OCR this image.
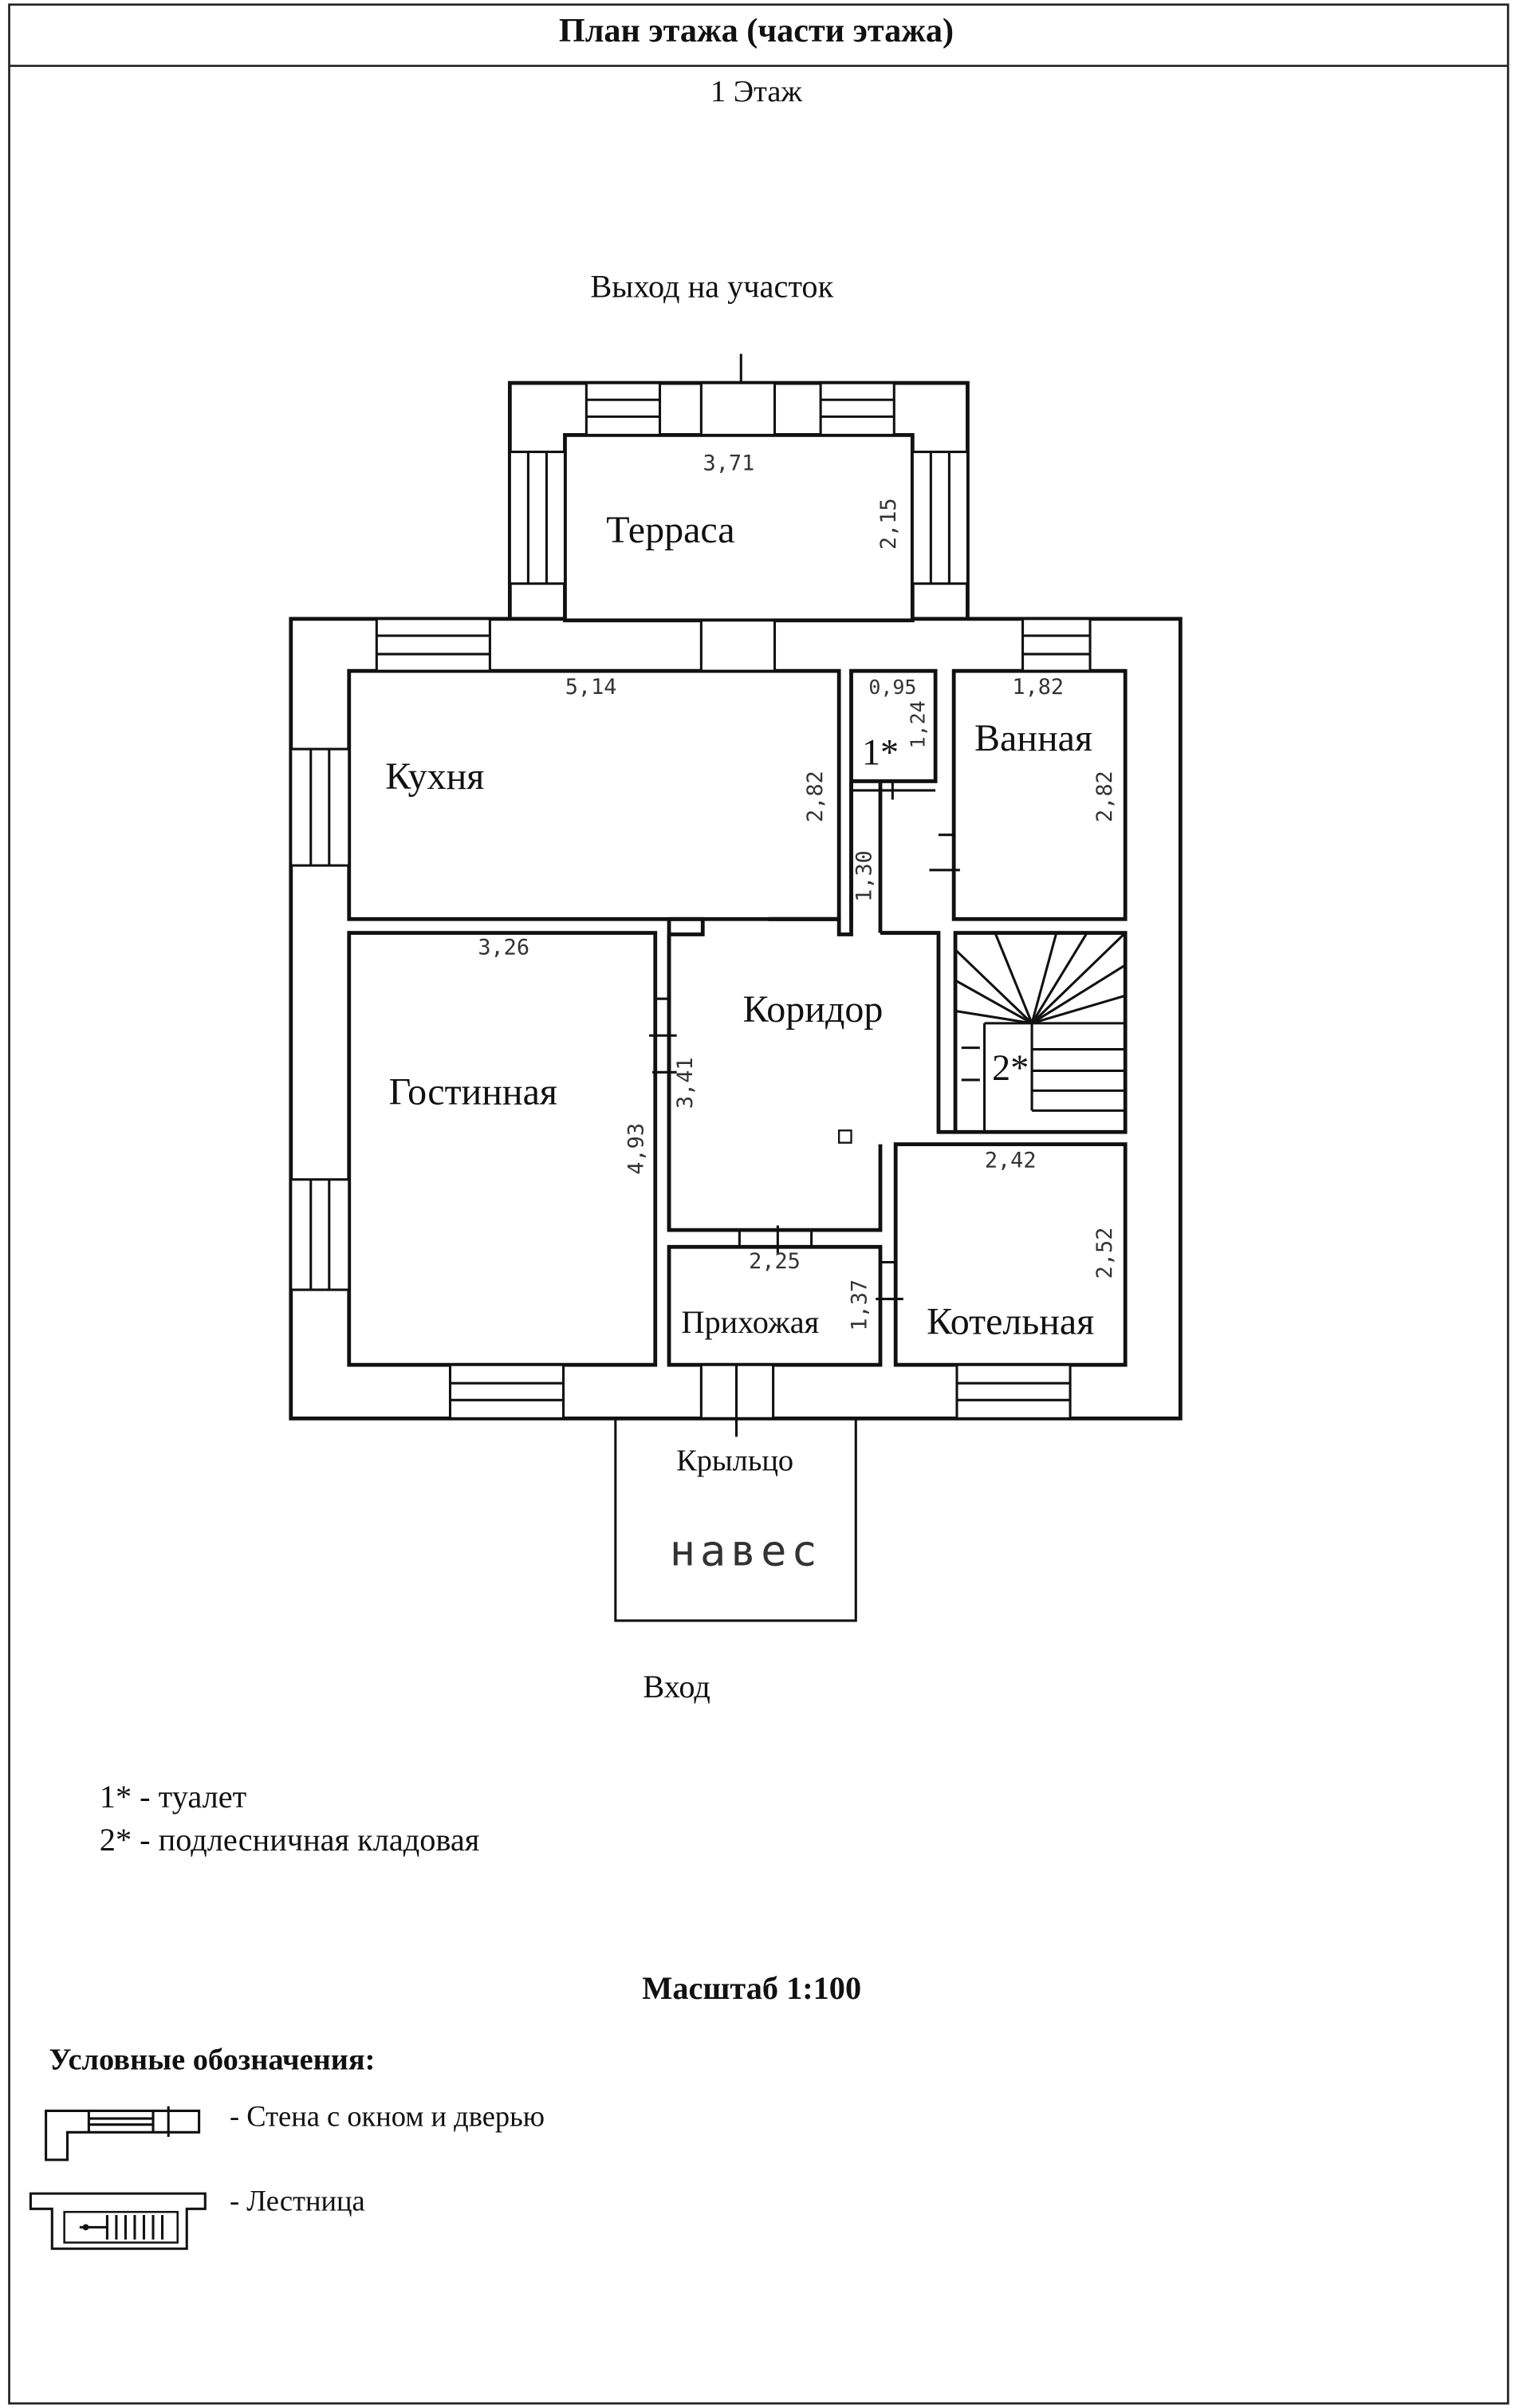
План этажа (части этажа)
1 Этаж
Выход на участок
Крыльцо
навес
Вход
Терраса
Кухня
1*	Ванная
Коридор
Гостинная
2*
Котельная
Прихожая
3,71
2,15
5,14
2,82
0,95
1,24
1,82
2,82
1,30
3,41
3,26
4,93	2,42
2,52
2,25
1,37
1* - туалет
2* - подлесничная кладовая
Масштаб 1:100
Условные обозначения:
- Стена с окном и дверью
- Лестница
